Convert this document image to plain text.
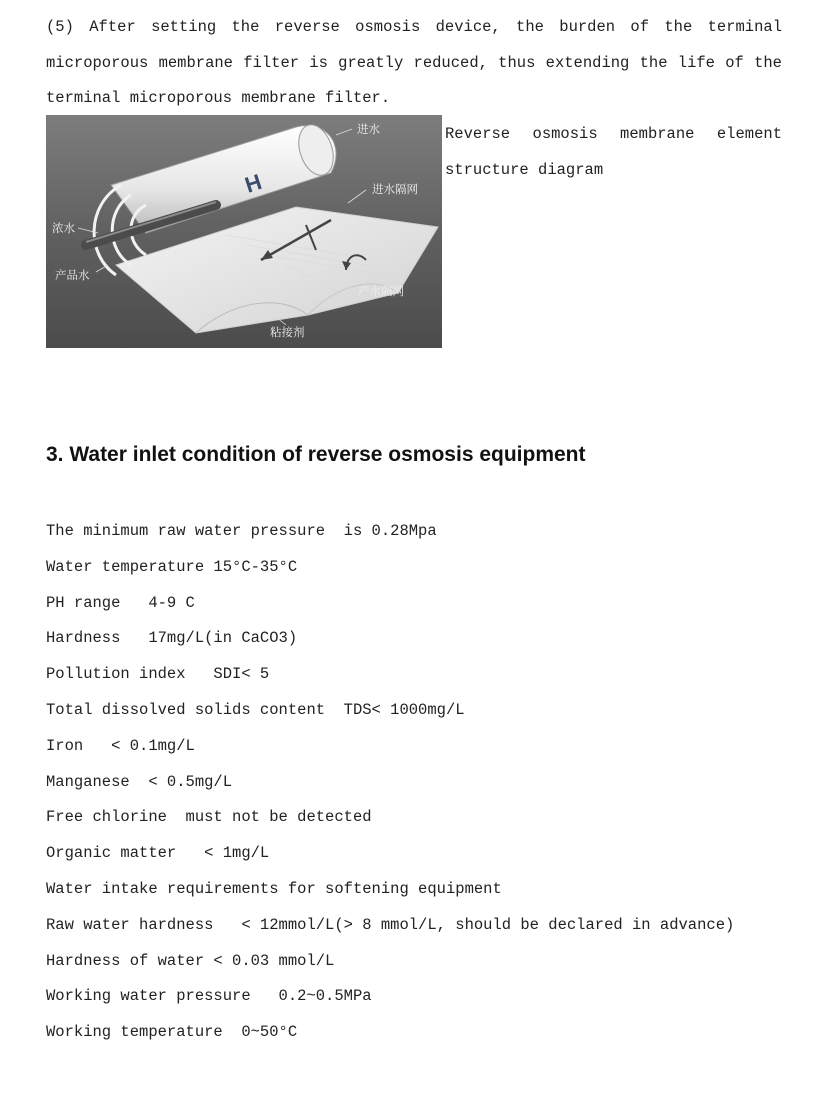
(5) After setting the reverse osmosis device, the burden of the terminal microporous membrane filter is greatly reduced, thus extending the life of the
terminal microporous membrane filter.
H
进水
进水隔网
浓水
产品水
产水隔网
粘接剂
Reverse osmosis membrane element
structure diagram
3. Water inlet condition of reverse osmosis equipment
The minimum raw water pressure  is 0.28Mpa
Water temperature 15°C-35°C
PH range   4-9 C
Hardness   17mg/L(in CaCO3)
Pollution index   SDI< 5
Total dissolved solids content  TDS< 1000mg/L
Iron   < 0.1mg/L
Manganese  < 0.5mg/L
Free chlorine  must not be detected
Organic matter   < 1mg/L
Water intake requirements for softening equipment
Raw water hardness   < 12mmol/L(> 8 mmol/L, should be declared in advance)
Hardness of water < 0.03 mmol/L
Working water pressure   0.2~0.5MPa
Working temperature  0~50°C
